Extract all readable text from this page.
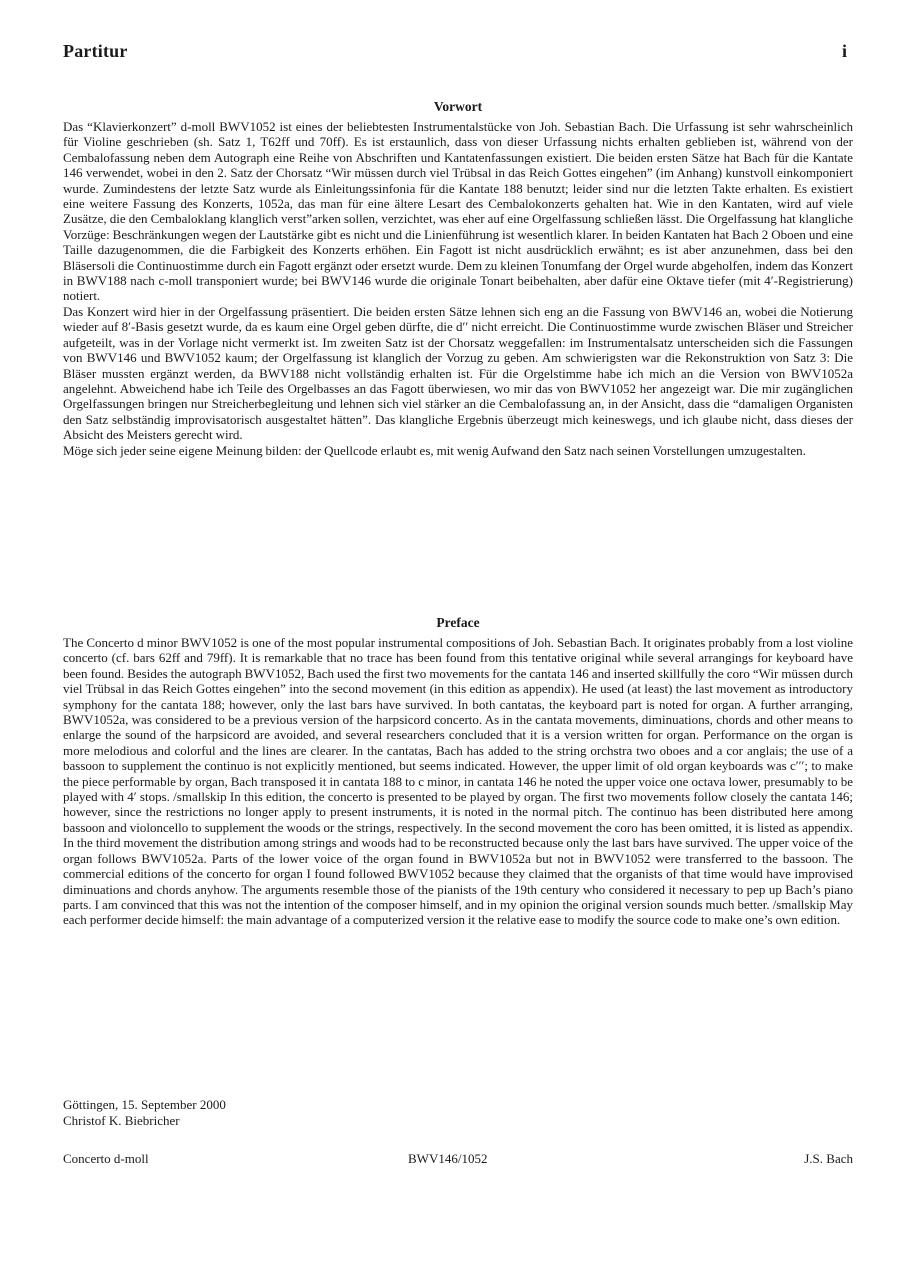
Partitur	i
Vorwort

Das “Klavierkonzert” d-moll BWV1052 ist eines der beliebtesten Instrumentalstücke von Joh. Sebastian Bach. Die Urfassung ist sehr wahrscheinlich für Violine geschrieben (sh. Satz 1, T62ff und 70ff). Es ist erstaunlich, dass von dieser Urfassung nichts erhalten geblieben ist, während von der Cembalofassung neben dem Autograph eine Reihe von Abschriften und Kantatenfassungen existiert. Die beiden ersten Sätze hat Bach für die Kantate 146 verwendet, wobei in den 2. Satz der Chorsatz “Wir müssen durch viel Trübsal in das Reich Gottes eingehen” (im Anhang) kunstvoll einkomponiert wurde. Zumindestens der letzte Satz wurde als Einleitungssinfonia für die Kantate 188 benutzt; leider sind nur die letzten Takte erhalten. Es existiert eine weitere Fassung des Konzerts, 1052a, das man für eine ältere Lesart des Cembalokonzerts gehalten hat. Wie in den Kantaten, wird auf viele Zusätze, die den Cembaloklang klanglich verst”arken sollen, verzichtet, was eher auf eine Orgelfassung schließen lässt. Die Orgelfassung hat klangliche Vorzüge: Beschränkungen wegen der Lautstärke gibt es nicht und die Linienführung ist wesentlich klarer. In beiden Kantaten hat Bach 2 Oboen und eine Taille dazugenommen, die die Farbigkeit des Konzerts erhöhen. Ein Fagott ist nicht ausdrücklich erwähnt; es ist aber anzunehmen, dass bei den Bläsersoli die Continuostimme durch ein Fagott ergänzt oder ersetzt wurde. Dem zu kleinen Tonumfang der Orgel wurde abgeholfen, indem das Konzert in BWV188 nach c-moll transponiert wurde; bei BWV146 wurde die originale Tonart beibehalten, aber dafür eine Oktave tiefer (mit 4′-Registrierung) notiert.

Das Konzert wird hier in der Orgelfassung präsentiert. Die beiden ersten Sätze lehnen sich eng an die Fassung von BWV146 an, wobei die Notierung wieder auf 8′-Basis gesetzt wurde, da es kaum eine Orgel geben dürfte, die d′′ nicht erreicht. Die Continuostimme wurde zwischen Bläser und Streicher aufgeteilt, was in der Vorlage nicht vermerkt ist. Im zweiten Satz ist der Chorsatz weggefallen: im Instrumentalsatz unterscheiden sich die Fassungen von BWV146 und BWV1052 kaum; der Orgelfassung ist klanglich der Vorzug zu geben. Am schwierigsten war die Rekonstruktion von Satz 3: Die Bläser mussten ergänzt werden, da BWV188 nicht vollständig erhalten ist. Für die Orgelstimme habe ich mich an die Version von BWV1052a angelehnt. Abweichend habe ich Teile des Orgelbasses an das Fagott überwiesen, wo mir das von BWV1052 her angezeigt war. Die mir zugänglichen Orgelfassungen bringen nur Streicherbegleitung und lehnen sich viel stärker an die Cembalofassung an, in der Ansicht, dass die “damaligen Organisten den Satz selbständig improvisatorisch ausgestaltet hätten”. Das klangliche Ergebnis überzeugt mich keineswegs, und ich glaube nicht, dass dieses der Absicht des Meisters gerecht wird.

Möge sich jeder seine eigene Meinung bilden: der Quellcode erlaubt es, mit wenig Aufwand den Satz nach seinen Vorstellungen umzugestalten.

Preface

The Concerto d minor BWV1052 is one of the most popular instrumental compositions of Joh. Sebastian Bach. It originates probably from a lost violine concerto (cf. bars 62ff and 79ff). It is remarkable that no trace has been found from this tentative original while several arrangings for keyboard have been found. Besides the autograph BWV1052, Bach used the first two movements for the cantata 146 and inserted skillfully the coro “Wir müssen durch viel Trübsal in das Reich Gottes eingehen” into the second movement (in this edition as appendix). He used (at least) the last movement as introductory symphony for the cantata 188; however, only the last bars have survived. In both cantatas, the keyboard part is noted for organ. A further arranging, BWV1052a, was considered to be a previous version of the harpsicord concerto. As in the cantata movements, diminuations, chords and other means to enlarge the sound of the harpsicord are avoided, and several researchers concluded that it is a version written for organ. Performance on the organ is more melodious and colorful and the lines are clearer. In the cantatas, Bach has added to the string orchstra two oboes and a cor anglais; the use of a bassoon to supplement the continuo is not explicitly mentioned, but seems indicated. However, the upper limit of old organ keyboards was c′′′; to make the piece performable by organ, Bach transposed it in cantata 188 to c minor, in cantata 146 he noted the upper voice one octava lower, presumably to be played with 4′ stops. /smallskip In this edition, the concerto is presented to be played by organ. The first two movements follow closely the cantata 146; however, since the restrictions no longer apply to present instruments, it is noted in the normal pitch. The continuo has been distributed here among bassoon and violoncello to supplement the woods or the strings, respectively. In the second movement the coro has been omitted, it is listed as appendix. In the third movement the distribution among strings and woods had to be reconstructed because only the last bars have survived. The upper voice of the organ follows BWV1052a. Parts of the lower voice of the organ found in BWV1052a but not in BWV1052 were transferred to the bassoon. The commercial editions of the concerto for organ I found followed BWV1052 because they claimed that the organists of that time would have improvised diminuations and chords anyhow. The arguments resemble those of the pianists of the 19th century who considered it necessary to pep up Bach’s piano parts. I am convinced that this was not the intention of the composer himself, and in my opinion the original version sounds much better. /smallskip May each performer decide himself: the main advantage of a computerized version it the relative ease to modify the source code to make one’s own edition.

Göttingen, 15. September 2000
Christof K. Biebricher
Concerto d-moll	BWV146/1052	J.S. Bach
